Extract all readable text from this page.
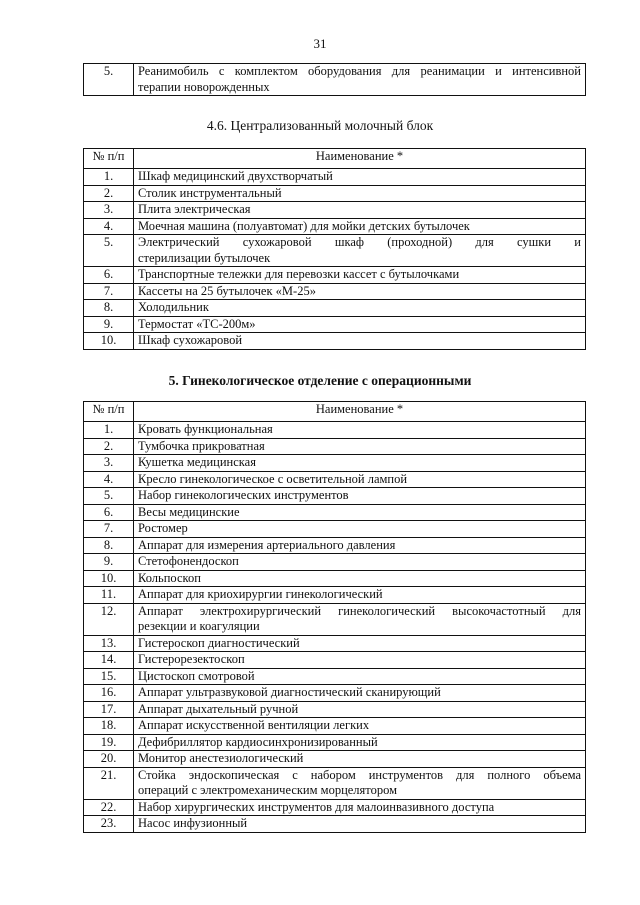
31
5.	Реанимобиль с комплектом оборудования для реанимации и интенсивной
терапии новорожденных
4.6. Централизованный молочный блок
№ п/п	Наименование *
1.	Шкаф медицинский двухстворчатый
2.	Столик инструментальный
3.	Плита электрическая
4.	Моечная машина (полуавтомат) для мойки детских бутылочек
5.	Электрический сухожаровой шкаф (проходной) для сушки и
стерилизации бутылочек

6.	Транспортные тележки для перевозки кассет с бутылочками
7.	Кассеты на 25 бутылочек «М-25»
8.	Холодильник
9.	Термостат «ТС-200м»
10.	Шкаф сухожаровой
5. Гинекологическое отделение с операционными
№ п/п	Наименование *
1.	Кровать функциональная
2.	Тумбочка прикроватная
3.	Кушетка медицинская
4.	Кресло гинекологическое с осветительной лампой
5.	Набор гинекологических инструментов
6.	Весы медицинские
7.	Ростомер
8.	Аппарат для измерения артериального давления
9.	Стетофонендоскоп
10.	Кольпоскоп
11.	Аппарат для криохирургии гинекологический
12.	Аппарат электрохирургический гинекологический высокочастотный для
резекции и коагуляции

13.	Гистероскоп диагностический
14.	Гистерорезектоскоп
15.	Цистоскоп смотровой
16.	Аппарат ультразвуковой диагностический сканирующий
17.	Аппарат дыхательный ручной
18.	Аппарат искусственной вентиляции легких
19.	Дефибриллятор кардиосинхронизированный
20.	Монитор анестезиологический
21.	Стойка эндоскопическая с набором инструментов для полного объема
операций с электромеханическим морцелятором

22.	Набор хирургических инструментов для малоинвазивного доступа
23.	Насос инфузионный
